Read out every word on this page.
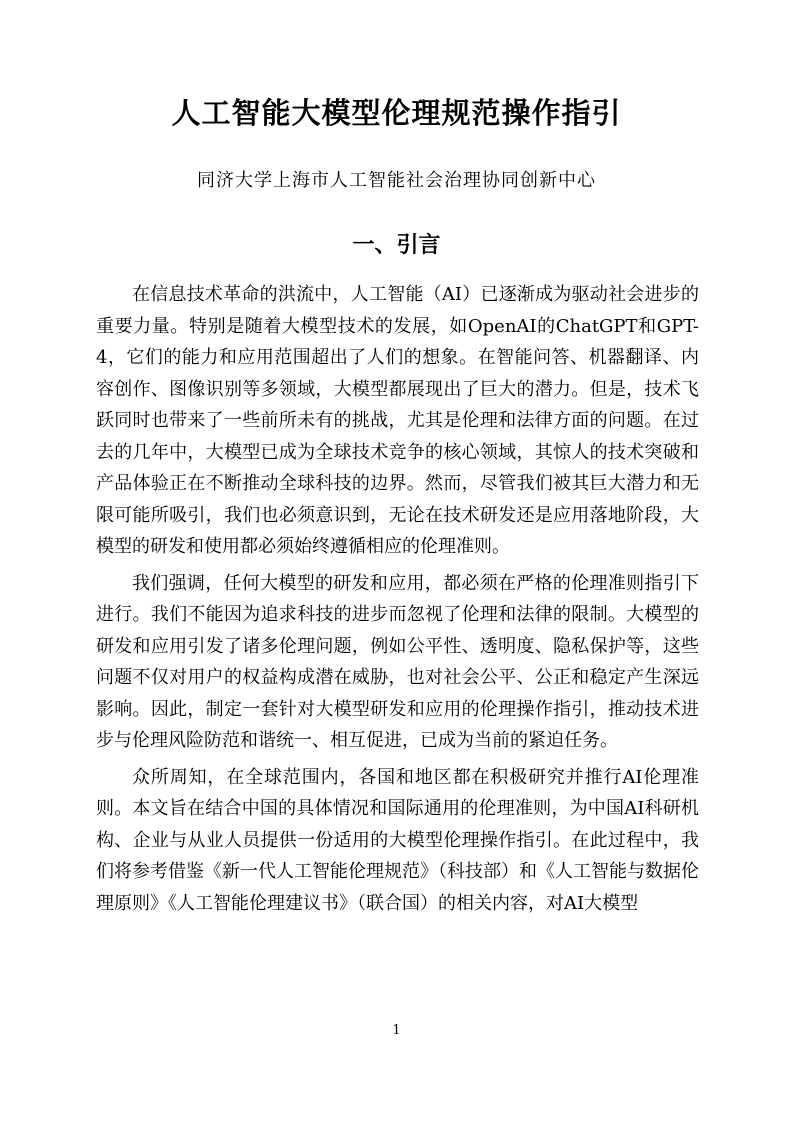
人工智能大模型伦理规范操作指引
同济大学上海市人工智能社会治理协同创新中心
一、引言

在信息技术革命的洪流中，人工智能（AI）已逐渐成为驱动社会进步的重要力量。特别是随着大模型技术的发展，如OpenAI的ChatGPT和GPT-4，它们的能力和应用范围超出了人们的想象。在智能问答、机器翻译、内容创作、图像识别等多领域，大模型都展现出了巨大的潜力。但是，技术飞跃同时也带来了一些前所未有的挑战，尤其是伦理和法律方面的问题。在过去的几年中，大模型已成为全球技术竞争的核心领域，其惊人的技术突破和产品体验正在不断推动全球科技的边界。然而，尽管我们被其巨大潜力和无限可能所吸引，我们也必须意识到，无论在技术研发还是应用落地阶段，大模型的研发和使用都必须始终遵循相应的伦理准则。

我们强调，任何大模型的研发和应用，都必须在严格的伦理准则指引下进行。我们不能因为追求科技的进步而忽视了伦理和法律的限制。大模型的研发和应用引发了诸多伦理问题，例如公平性、透明度、隐私保护等，这些问题不仅对用户的权益构成潜在威胁，也对社会公平、公正和稳定产生深远影响。因此，制定一套针对大模型研发和应用的伦理操作指引，推动技术进步与伦理风险防范和谐统一、相互促进，已成为当前的紧迫任务。

众所周知，在全球范围内，各国和地区都在积极研究并推行AI伦理准则。本文旨在结合中国的具体情况和国际通用的伦理准则，为中国AI科研机构、企业与从业人员提供一份适用的大模型伦理操作指引。在此过程中，我们将参考借鉴《新一代人工智能伦理规范》（科技部）和《人工智能与数据伦理原则》《人工智能伦理建议书》（联合国）的相关内容，对AI大模型

1
